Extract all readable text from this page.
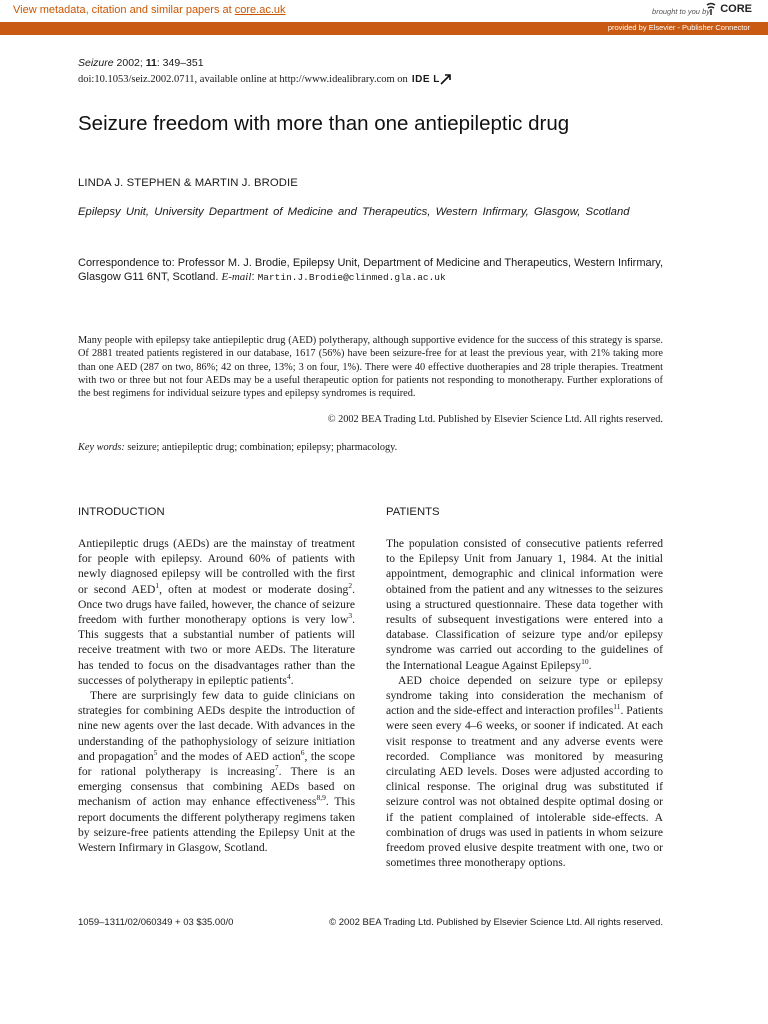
View metadata, citation and similar papers at core.ac.uk	brought to you by CORE
provided by Elsevier - Publisher Connector
Seizure 2002; 11: 349–351
doi:10.1053/seiz.2002.0711, available online at http://www.idealibrary.com on IDE L
Seizure freedom with more than one antiepileptic drug
LINDA J. STEPHEN & MARTIN J. BRODIE
Epilepsy Unit, University Department of Medicine and Therapeutics, Western Infirmary, Glasgow, Scotland
Correspondence to: Professor M. J. Brodie, Epilepsy Unit, Department of Medicine and Therapeutics, Western Infirmary, Glasgow G11 6NT, Scotland. E-mail: Martin.J.Brodie@clinmed.gla.ac.uk
Many people with epilepsy take antiepileptic drug (AED) polytherapy, although supportive evidence for the success of this strategy is sparse. Of 2881 treated patients registered in our database, 1617 (56%) have been seizure-free for at least the previous year, with 21% taking more than one AED (287 on two, 86%; 42 on three, 13%; 3 on four, 1%). There were 40 effective duotherapies and 28 triple therapies. Treatment with two or three but not four AEDs may be a useful therapeutic option for patients not responding to monotherapy. Further explorations of the best regimens for individual seizure types and epilepsy syndromes is required.
© 2002 BEA Trading Ltd. Published by Elsevier Science Ltd. All rights reserved.
Key words: seizure; antiepileptic drug; combination; epilepsy; pharmacology.
INTRODUCTION

Antiepileptic drugs (AEDs) are the mainstay of treatment for people with epilepsy. Around 60% of patients with newly diagnosed epilepsy will be controlled with the first or second AED$^1$, often at modest or moderate dosing$^2$. Once two drugs have failed, however, the chance of seizure freedom with further monotherapy options is very low$^3$. This suggests that a substantial number of patients will receive treatment with two or more AEDs. The literature has tended to focus on the disadvantages rather than the successes of polytherapy in epileptic patients$^4$.

There are surprisingly few data to guide clinicians on strategies for combining AEDs despite the introduction of nine new agents over the last decade. With advances in the understanding of the pathophysiology of seizure initiation and propagation$^5$ and the modes of AED action$^6$, the scope for rational polytherapy is increasing$^7$. There is an emerging consensus that combining AEDs based on mechanism of action may enhance effectiveness$^{8,9}$. This report documents the different polytherapy regimens taken by seizure-free patients attending the Epilepsy Unit at the Western Infirmary in Glasgow, Scotland.

PATIENTS

The population consisted of consecutive patients referred to the Epilepsy Unit from January 1, 1984. At the initial appointment, demographic and clinical information were obtained from the patient and any witnesses to the seizures using a structured questionnaire. These data together with results of subsequent investigations were entered into a database. Classification of seizure type and/or epilepsy syndrome was carried out according to the guidelines of the International League Against Epilepsy$^{10}$.

AED choice depended on seizure type or epilepsy syndrome taking into consideration the mechanism of action and the side-effect and interaction profiles$^{11}$. Patients were seen every 4–6 weeks, or sooner if indicated. At each visit response to treatment and any adverse events were recorded. Compliance was monitored by measuring circulating AED levels. Doses were adjusted according to clinical response. The original drug was substituted if seizure control was not obtained despite optimal dosing or if the patient complained of intolerable side-effects. A combination of drugs was used in patients in whom seizure freedom proved elusive despite treatment with one, two or sometimes three monotherapy options.

1059–1311/02/060349 + 03 $35.00/0	© 2002 BEA Trading Ltd. Published by Elsevier Science Ltd. All rights reserved.
